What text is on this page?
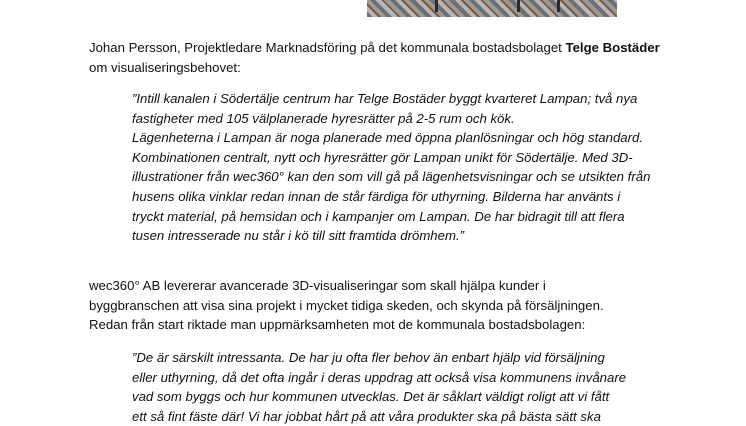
Johan Persson, Projektledare Marknadsföring på det kommunala bostadsbolaget Telge Bostäder
om visualiseringsbehovet:

”Intill kanalen i Södertälje centrum har Telge Bostäder byggt kvarteret Lampan; två nya
fastigheter med 105 välplanerade hyresrätter på 2-5 rum och kök.
Lägenheterna i Lampan är noga planerade med öppna planlösningar och hög standard.
Kombinationen centralt, nytt och hyresrätter gör Lampan unikt för Södertälje. Med 3D-
illustrationer från wec360° kan den som vill gå på lägenhetsvisningar och se utsikten från
husens olika vinklar redan innan de står färdiga för uthyrning. Bilderna har använts i
tryckt material, på hemsidan och i kampanjer om Lampan. De har bidragit till att flera
tusen intresserade nu står i kö till sitt framtida drömhem.”

wec360° AB levererar avancerade 3D-visualiseringar som skall hjälpa kunder i
byggbranschen att visa sina projekt i mycket tidiga skeden, och skynda på försäljningen.
Redan från start riktade man uppmärksamheten mot de kommunala bostadsbolagen:

”De är särskilt intressanta. De har ju ofta fler behov än enbart hjälp vid försäljning
eller uthyrning, då det ofta ingår i deras uppdrag att också visa kommunens invånare
vad som byggs och hur kommunen utvecklas. Det är såklart väldigt roligt att vi fått
ett så fint fäste där! Vi har jobbat hårt på att våra produkter ska på bästa sätt ska
